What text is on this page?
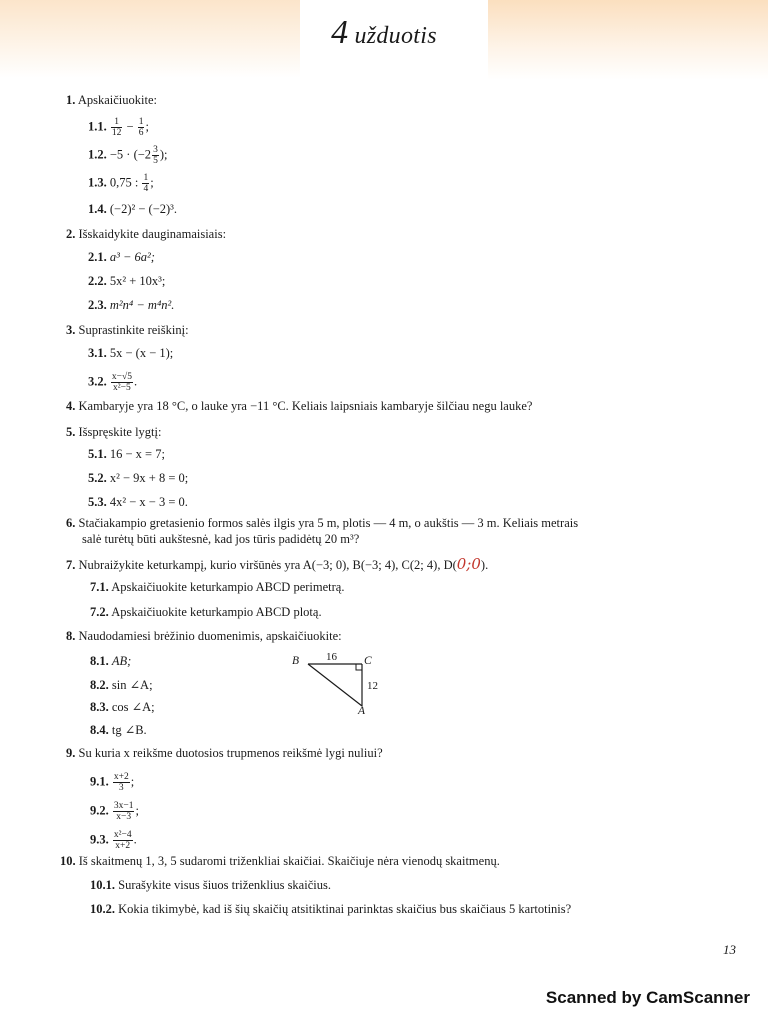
4 užduotis
1. Apskaičiuokite:
1.1. $\frac{1}{12} - \frac{1}{6}$ ;
1.2. $-5 \cdot (-2 \frac{3}{5}$ );
1.3. 0,75 : $\frac{1}{4}$ ;
1.4. (−2)² − (−2)³.
2. Išskaidykite dauginamaisiais:
2.1. a³ − 6a²;
2.2. 5x² + 10x³;
2.3. m²n⁴ − m⁴n².
3. Suprastinkite reiškinį:
3.1. 5x − (x − 1);
3.2. $\frac{x-√5}{\text{x²−5}}$ .
4. Kambaryje yra 18 °C, o lauke yra −11 °C. Keliais laipsniais kambaryje šilčiau negu lauke?
5. Išspręskite lygtį:
5.1. 16 − x = 7;
5.2. x² − 9x + 8 = 0;
5.3. 4x² − x − 3 = 0.
6. Stačiakampio gretasienio formos salės ilgis yra 5 m, plotis — 4 m, o aukštis — 3 m. Keliais metrais
salė turėtų būti aukštesnė, kad jos tūris padidėtų 20 m³?
7. Nubraižykite keturkampį, kurio viršūnės yra A(−3; 0), B(−3; 4), C(2; 4), D(0;0).
7.1. Apskaičiuokite keturkampio ABCD perimetrą.
7.2. Apskaičiuokite keturkampio ABCD plotą.
8. Naudodamiesi brėžinio duomenimis, apskaičiuokite:
8.1. AB;
8.2. sin ∠A;
8.3. cos ∠A;
8.4. tg ∠B.
B	C
A
16
12
9. Su kuria x reikšme duotosios trupmenos reikšmė lygi nuliui?
9.1. $\frac{x+2}{3}$ ;
9.2. $\frac{3x-1}{x-3}$ ;
9.3. $\frac{\text{x²−4}}{x+2}$ .
10. Iš skaitmenų 1, 3, 5 sudaromi triženkliai skaičiai. Skaičiuje nėra vienodų skaitmenų.
10.1. Surašykite visus šiuos triženklius skaičius.
10.2. Kokia tikimybė, kad iš šių skaičių atsitiktinai parinktas skaičius bus skaičiaus 5 kartotinis?
13
Scanned by CamScanner
